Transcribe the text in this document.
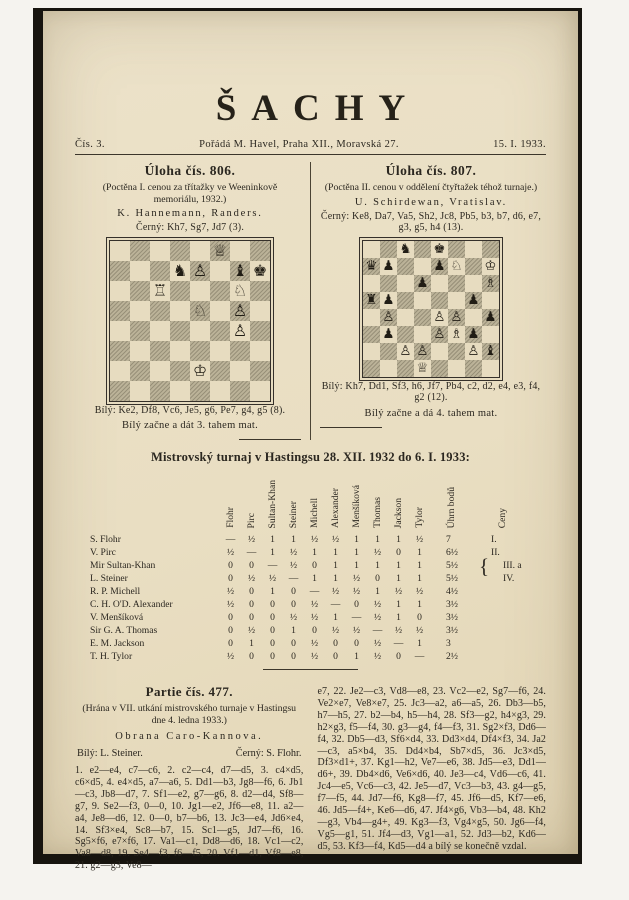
ŠACHY
Čís. 3.	Pořádá M. Havel, Praha XII., Moravská 27.	15. I. 1933.

Úloha čís. 806.

(Poctěna I. cenou za třítažky ve Weeninkově memoriálu, 1932.)

K. Hannemann, Randers.

Černý: Kh7, Sg7, Jd7 (3).

♕
♞ ♙ ♝ ♚
♖	♘
♘ ♙
♙
♔

Bílý: Ke2, Df8, Vc6, Je5, g6, Pe7, g4, g5 (8).

Bílý začne a dát 3. tahem mat.

Úloha čís. 807.

(Poctěna II. cenou v oddělení čtyřtažek téhož turnaje.)

U. Schirdewan, Vratislav.

Černý: Ke8, Da7, Va5, Sh2, Jc8, Pb5, b3, b7, d6, e7, g3, g5, h4 (13).

♞ ♚
♛ ♟	♟ ♘ ♔
♟	♗
♜ ♟	♟
♙	♙ ♙ ♟
♟	♙ ♗ ♟
♙ ♙	♙ ♝
♕

Bílý: Kh7, Dd1, Sf3, h6, Jf7, Pb4, c2, d2, e4, e3, f4, g2 (12).

Bílý začne a dá 4. tahem mat.

Mistrovský turnaj v Hastingsu 28. XII. 1932 do 6. I. 1933:

	Flohr	Pirc	Sultan-Khan	Steiner	Michell	Alexander	Menšíková	Thomas	Jackson	Tylor	Úhrn bodů	Ceny
S. Flohr	—	½	1	1	½	½	1	1	1	½	7	I.
V. Pirc	½	—	1	½	1	1	1	½	0	1	6½	II.
Mir Sultan-Khan	0	0	—	½	0	1	1	1	1	1	5½	{ III. a
L. Steiner	0	½	½	—	1	1	½	0	1	1	5½	IV.
R. P. Michell	½	0	1	0	—	½	½	1	½	½	4½	
C. H. O'D. Alexander	½	0	0	0	½	—	0	½	1	1	3½	
V. Menšíková	0	0	0	½	½	1	—	½	1	0	3½	
Sir G. A. Thomas	0	½	0	1	0	½	½	—	½	½	3½	
E. M. Jackson	0	1	0	0	½	0	0	½	—	1	3	
T. H. Tylor	½	0	0	0	½	0	1	½	0	—	2½	

Partie čís. 477.

(Hrána v VII. utkání mistrovského turnaje v Hastingsu dne 4. ledna 1933.)

Obrana Caro-Kannova.

Bílý: L. Steiner.	Černý: S. Flohr.

1. e2—e4, c7—c6, 2. c2—c4, d7—d5, 3. c4×d5, c6×d5, 4. e4×d5, a7—a6, 5. Dd1—b3, Jg8—f6, 6. Jb1—c3, Jb8—d7, 7. Sf1—e2, g7—g6, 8. d2—d4, Sf8—g7, 9. Se2—f3, 0—0, 10. Jg1—e2, Jf6—e8, 11. a2—a4, Je8—d6, 12. 0—0, b7—b6, 13. Jc3—e4, Jd6×e4, 14. Sf3×e4, Sc8—b7, 15. Sc1—g5, Jd7—f6, 16. Sg5×f6, e7×f6, 17. Va1—c1, Dd8—d6, 18. Vc1—c2, Va8—d8, 19. Se4—f3, f6—f5, 20. Vf1—d1, Vf8—e8, 21. g2—g3, Ve8—

e7, 22. Je2—c3, Vd8—e8, 23. Vc2—e2, Sg7—f6, 24. Ve2×e7, Ve8×e7, 25. Jc3—a2, a6—a5, 26. Db3—b5, h7—h5, 27. b2—b4, h5—h4, 28. Sf3—g2, h4×g3, 29. h2×g3, f5—f4, 30. g3—g4, f4—f3, 31. Sg2×f3, Dd6—f4, 32. Db5—d3, Sf6×d4, 33. Dd3×d4, Df4×f3, 34. Ja2—c3, a5×b4, 35. Dd4×b4, Sb7×d5, 36. Jc3×d5, Df3×d1+, 37. Kg1—h2, Ve7—e6, 38. Jd5—e3, Dd1—d6+, 39. Db4×d6, Ve6×d6, 40. Je3—c4, Vd6—c6, 41. Jc4—e5, Vc6—c3, 42. Je5—d7, Vc3—b3, 43. g4—g5, f7—f5, 44. Jd7—f6, Kg8—f7, 45. Jf6—d5, Kf7—e6, 46. Jd5—f4+, Ke6—d6, 47. Jf4×g6, Vb3—b4, 48. Kh2—g3, Vb4—g4+, 49. Kg3—f3, Vg4×g5, 50. Jg6—f4, Vg5—g1, 51. Jf4—d3, Vg1—a1, 52. Jd3—b2, Kd6—d5, 53. Kf3—f4, Kd5—d4 a bílý se konečně vzdal.
